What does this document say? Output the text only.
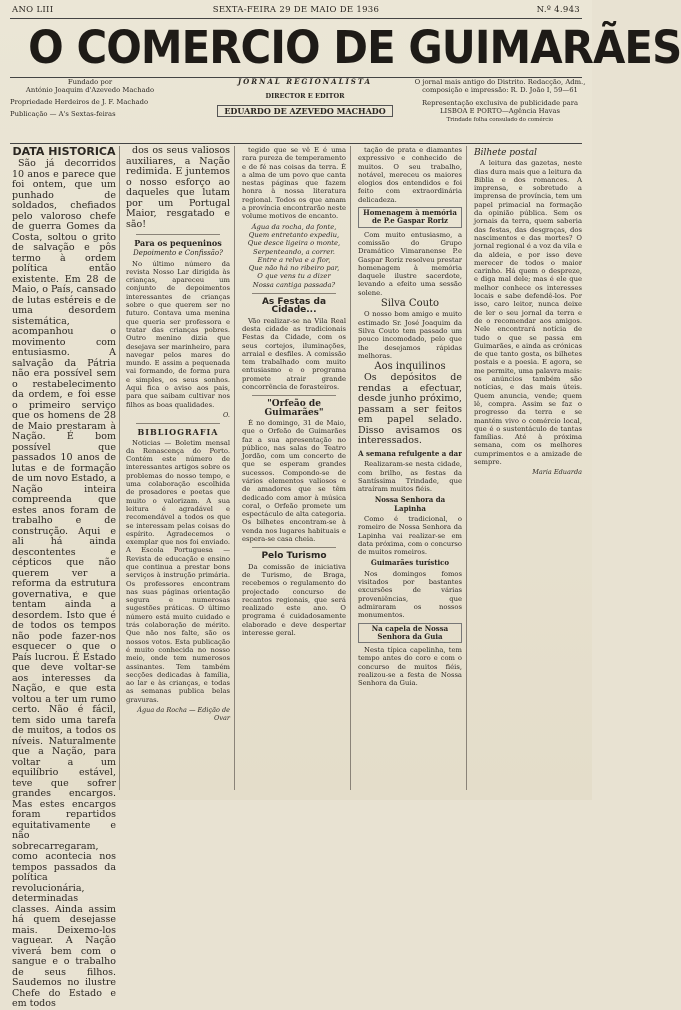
ANO LIII	SEXTA-FEIRA 29 DE MAIO DE 1936	N.º 4.943
O COMERCIO DE GUIMARÃES
Fundado por
António Joaquim d'Azevedo Machado
Propriedade Herdeiros de J. F. Machado
Publicação — A's Sextas-feiras
JORNAL REGIONALISTA
DIRECTOR E EDITOR
EDUARDO DE AZEVEDO MACHADO
O jornal mais antigo do Distrito. Redacção, Adm., composição e impressão: R. D. João I, 59—61
Representação exclusiva de publicidade para LISBOA E PORTO—Agência Havas
Trindade folha consulado do comércio
DATA HISTORICA

São já decorridos 10 anos e parece que foi ontem, que um punhado de soldados, chefiados pelo valoroso chefe de guerra Gomes da Costa, soltou o grito de salvação e pôs termo à ordem política então existente. Em 28 de Maio, o País, cansado de lutas estéreis e de uma desordem sistemática, acompanhou o movimento com entusiasmo. A salvação da Pátria não era possível sem o restabelecimento da ordem, e foi esse o primeiro serviço que os homens de 28 de Maio prestaram à Nação. É bom possível que passados 10 anos de lutas e de formação de um novo Estado, a Nação inteira compreenda que estes anos foram de trabalho e de construção. Aqui e ali há ainda descontentes e cépticos que não querem ver a reforma da estrutura governativa, e que tentam ainda a desordem. Isto que é de todos os tempos não pode fazer-nos esquecer o que o País lucrou. É Estado que deve voltar-se aos interesses da Nação, e que esta voltou a ter um rumo certo. Não é fácil, tem sido uma tarefa de muitos, a todos os níveis. Naturalmente que a Nação, para voltar a um equilíbrio estável, teve que sofrer grandes encargos. Mas estes encargos foram repartidos equitativamente e não sobrecarregaram, como acontecia nos tempos passados da política revolucionária, determinadas classes. Ainda assim há quem desejasse mais. Deixemo-los vaguear. A Nação viverá bem com o sangue e o trabalho de seus filhos. Saudemos no ilustre Chefe do Estado e em todos

dos os seus valiosos auxiliares, a Nação redimida. E juntemos o nosso esforço ao daqueles que lutam por um Portugal Maior, resgatado e são!

Para os pequeninos
Depoimento e Confissão?

No último número da revista Nosso Lar dirigida às crianças, apareceu um conjunto de depoimentos interessantes de crianças sobre o que querem ser no futuro. Contava uma menina que queria ser professora e tratar das crianças pobres. Outro menino dizia que desejava ser marinheiro, para navegar pelos mares do mundo. E assim a pequenada vai formando, de forma pura e simples, os seus sonhos. Aqui fica o aviso aos pais, para que saibam cultivar nos filhos as boas qualidades.

O.
BIBLIOGRAFIA

Noticias — Boletim mensal da Renascença do Porto. Contém este número de interessantes artigos sobre os problemas do nosso tempo, e uma colaboração escolhida de prosadores e poetas que muito o valorizam. A sua leitura é agradável e recomendável a todos os que se interessam pelas coisas do espírito. Agradecemos o exemplar que nos foi enviado. A Escola Portuguesa — Revista de educação e ensino que continua a prestar bons serviços à instrução primária. Os professores encontram nas suas páginas orientação segura e numerosas sugestões práticas. O último número está muito cuidado e trás colaboração de mérito. Que não nos falte, são os nossos votos. Esta publicação é muito conhecida no nosso meio, onde tem numerosos assinantes. Tem também secções dedicadas à família, ao lar e às crianças, e todas as semanas publica belas gravuras.

Água da Rocha — Edição de Ovar

tegido que se vê E é uma rara pureza de temperamento e de fé nas coisas da terra. É a alma de um povo que canta nestas páginas que fazem honra à nossa literatura regional. Todos os que amam a província encontrarão neste volume motivos de encanto.

Água da rocha, da fonte,

Quem entretanto expediu,

Que desce ligeira o monte,

Serpenteando, a correr.

Entre a relva e a flor,

Que não há no ribeiro par,

O que vens tu a dizer

Nossa cantiga passada?

As Festas da Cidade...

Vão realizar-se na Vila Real desta cidade as tradicionais Festas da Cidade, com os seus cortejos, iluminações, arraial e desfiles. A comissão tem trabalhado com muito entusiasmo e o programa promete atrair grande concorrência de forasteiros.

"Orfeão de Guimarães"

É no domingo, 31 de Maio, que o Orfeão de Guimarães faz a sua apresentação no público, nas salas do Teatro Jordão, com um concerto de que se esperam grandes sucessos. Compondo-se de vários elementos valiosos e de amadores que se têm dedicado com amor à música coral, o Orfeão promete um espectáculo de alta categoria. Os bilhetes encontram-se à venda nos lugares habituais e espera-se casa cheia.

Pelo Turismo

Da comissão de iniciativa de Turismo, de Braga, recebemos o regulamento do projectado concurso de recantos regionais, que será realizado este ano. O programa é cuidadosamente elaborado e deve despertar interesse geral.

tação de prata e diamantes expressivo e conhecido de muitos. O seu trabalho, notável, mereceu os maiores elogios dos entendidos e foi feito com extraordinária delicadeza.

Homenagem à memória de P.e Gaspar Roriz

Com muito entusiasmo, a comissão do Grupo Dramático Vimaranense P.e Gaspar Roriz resolveu prestar homenagem à memória daquele ilustre sacerdote, levando a efeito uma sessão solene.

Silva Couto

O nosso bom amigo e muito estimado Sr. José Joaquim da Silva Couto tem passado um pouco incomodado, pelo que lhe desejamos rápidas melhoras.

Aos inquilinos

Os depósitos de rendas a efectuar, desde junho próximo, passam a ser feitos em papel selado. Disso avisamos os interessados.

A semana refulgente a dar

Realizaram-se nesta cidade, com brilho, as festas da Santíssima Trindade, que atraíram muitos fiéis.

Nossa Senhora da Lapinha

Como é tradicional, o romeiro de Nossa Senhora da Lapinha vai realizar-se em data próxima, com o concurso de muitos romeiros.

Guimarães turístico

Nos domingos fomos visitados por bastantes excursões de várias proveniências, que admiraram os nossos monumentos.

Na capela de Nossa Senhora da Guia

Nesta típica capelinha, tem tempo antes do coro e com o concurso de muitos fiéis, realizou-se a festa de Nossa Senhora da Guia.

Bilhete postal

A leitura das gazetas, neste dias dura mais que a leitura da Biblia e dos romances. A imprensa, e sobretudo a imprensa de província, tem um papel primacial na formação da opinião pública. Sem os jornais da terra, quem saberia das festas, das desgraças, dos nascimentos e das mortes? O jornal regional é a voz da vila e da aldeia, e por isso deve merecer de todos o maior carinho. Há quem o despreze, e diga mal dele; mas é ele que melhor conhece os interesses locais e sabe defendê-los. Por isso, caro leitor, nunca deixe de ler o seu jornal da terra e de o recomendar aos amigos. Nele encontrará notícia de tudo o que se passa em Guimarães, e ainda as crónicas de que tanto gosta, os bilhetes postais e a poesia. E agora, se me permite, uma palavra mais: os anúncios também são notícias, e das mais úteis. Quem anuncia, vende; quem lê, compra. Assim se faz o progresso da terra e se mantém vivo o comércio local, que é o sustentáculo de tantas famílias. Até à próxima semana, com os melhores cumprimentos e a amizade de sempre.

Maria Eduarda
